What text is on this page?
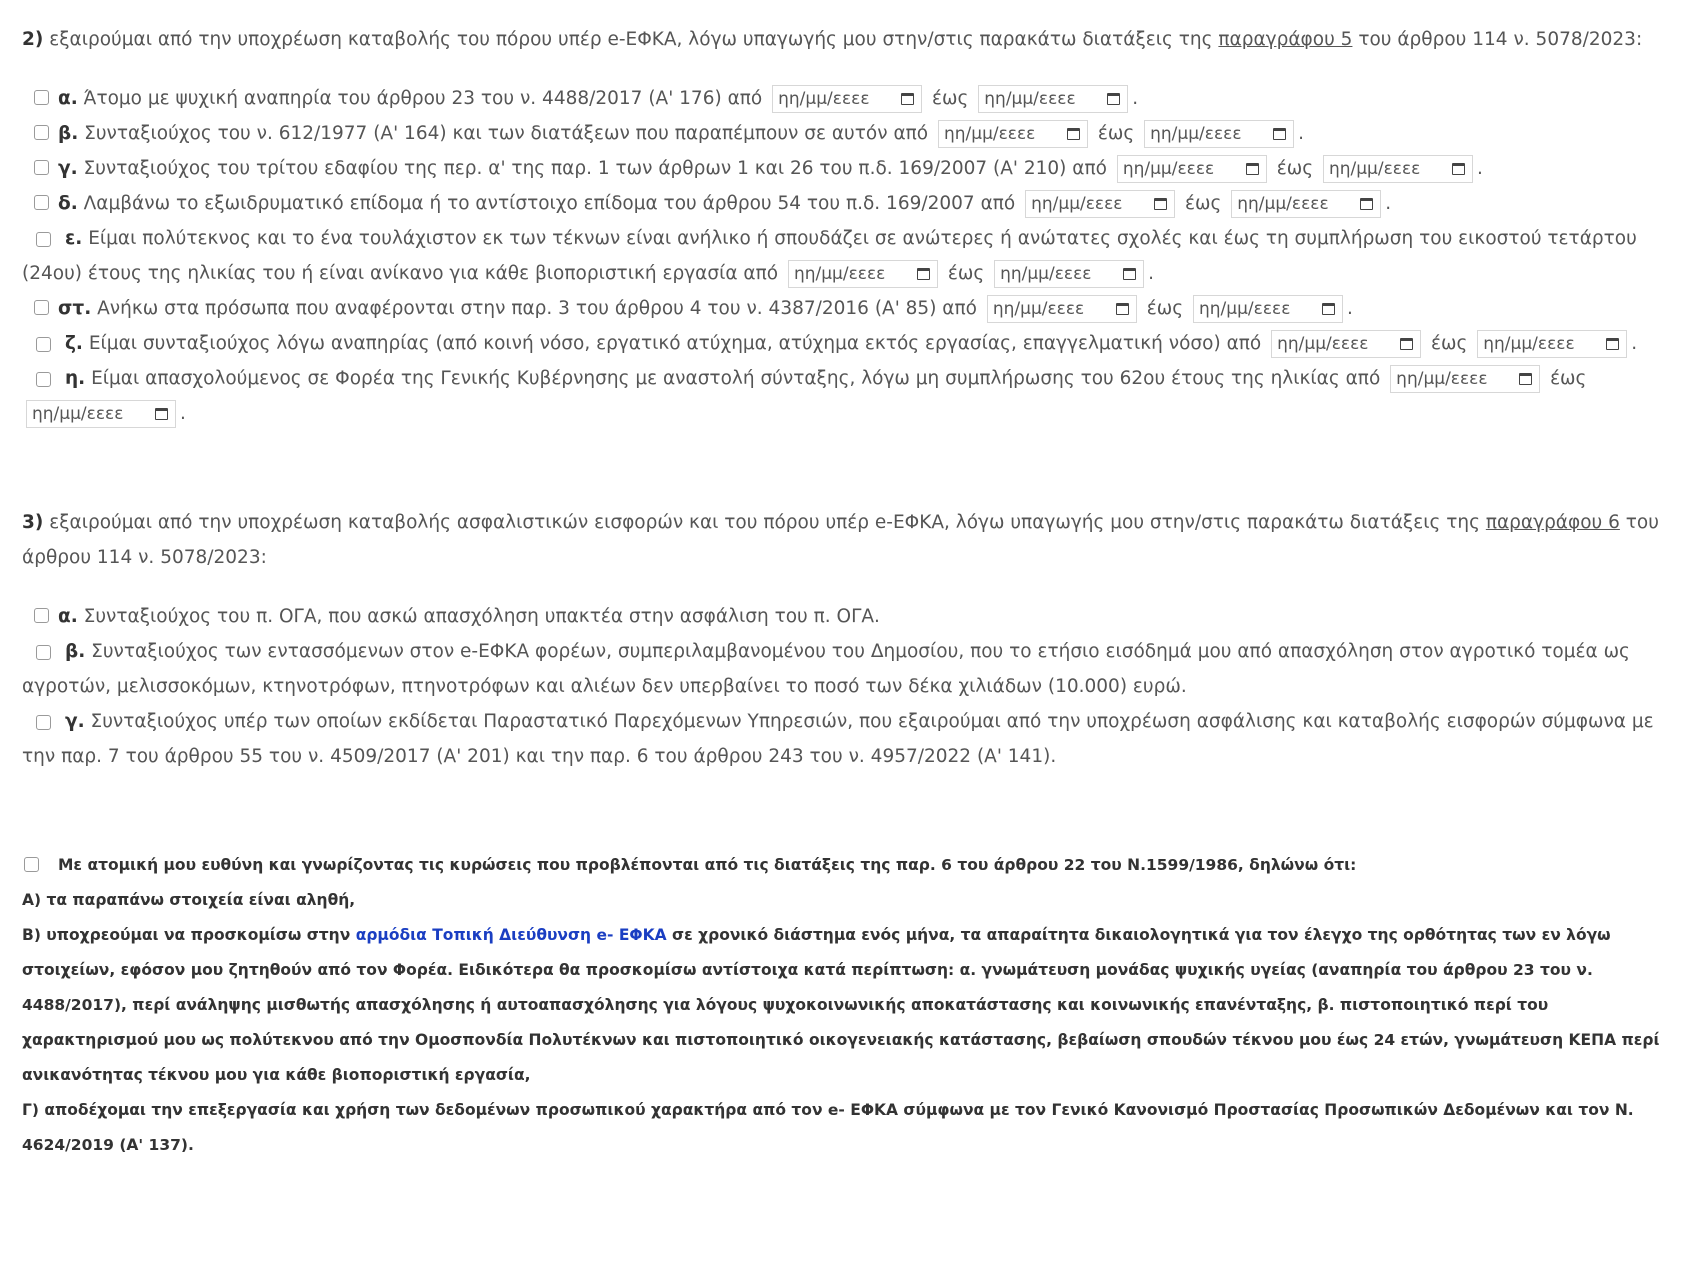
2) εξαιρούμαι από την υποχρέωση καταβολής του πόρου υπέρ e-ΕΦΚΑ, λόγω υπαγωγής μου στην/στις παρακάτω διατάξεις της παραγράφου 5 του άρθρου 114 ν. 5078/2023:

α. Άτομο με ψυχική αναπηρία του άρθρου 23 του ν. 4488/2017 (Α' 176) από ηη/μμ/εεεε	έως ηη/μμ/εεεε	.

β. Συνταξιούχος του ν. 612/1977 (Α' 164) και των διατάξεων που παραπέμπουν σε αυτόν από ηη/μμ/εεεε	έως ηη/μμ/εεεε	.

γ. Συνταξιούχος του τρίτου εδαφίου της περ. α' της παρ. 1 των άρθρων 1 και 26 του π.δ. 169/2007 (Α' 210) από ηη/μμ/εεεε	έως ηη/μμ/εεεε	.

δ. Λαμβάνω το εξωιδρυματικό επίδομα ή το αντίστοιχο επίδομα του άρθρου 54 του π.δ. 169/2007 από ηη/μμ/εεεε	έως ηη/μμ/εεεε	.

ε. Είμαι πολύτεκνος και το ένα τουλάχιστον εκ των τέκνων είναι ανήλικο ή σπουδάζει σε ανώτερες ή ανώτατες σχολές και έως τη συμπλήρωση του εικοστού τετάρτου (24ου) έτους της ηλικίας του ή είναι ανίκανο για κάθε βιοποριστική εργασία από ηη/μμ/εεεε	έως ηη/μμ/εεεε	.

στ. Ανήκω στα πρόσωπα που αναφέρονται στην παρ. 3 του άρθρου 4 του ν. 4387/2016 (Α' 85) από ηη/μμ/εεεε	έως ηη/μμ/εεεε	.

ζ. Είμαι συνταξιούχος λόγω αναπηρίας (από κοινή νόσο, εργατικό ατύχημα, ατύχημα εκτός εργασίας, επαγγελματική νόσο) από ηη/μμ/εεεε	έως ηη/μμ/εεεε	.

η. Είμαι απασχολούμενος σε Φορέα της Γενικής Κυβέρνησης με αναστολή σύνταξης, λόγω μη συμπλήρωσης του 62ου έτους της ηλικίας από ηη/μμ/εεεε	έως ηη/μμ/εεεε	.

3) εξαιρούμαι από την υποχρέωση καταβολής ασφαλιστικών εισφορών και του πόρου υπέρ e-ΕΦΚΑ, λόγω υπαγωγής μου στην/στις παρακάτω διατάξεις της παραγράφου 6 του άρθρου 114 ν. 5078/2023:

α. Συνταξιούχος του π. ΟΓΑ, που ασκώ απασχόληση υπακτέα στην ασφάλιση του π. ΟΓΑ.

β. Συνταξιούχος των εντασσόμενων στον e-ΕΦΚΑ φορέων, συμπεριλαμβανομένου του Δημοσίου, που το ετήσιο εισόδημά μου από απασχόληση στον αγροτικό τομέα ως αγροτών, μελισσοκόμων, κτηνοτρόφων, πτηνοτρόφων και αλιέων δεν υπερβαίνει το ποσό των δέκα χιλιάδων (10.000) ευρώ.

γ. Συνταξιούχος υπέρ των οποίων εκδίδεται Παραστατικό Παρεχόμενων Υπηρεσιών, που εξαιρούμαι από την υποχρέωση ασφάλισης και καταβολής εισφορών σύμφωνα με την παρ. 7 του άρθρου 55 του ν. 4509/2017 (Α' 201) και την παρ. 6 του άρθρου 243 του ν. 4957/2022 (Α' 141).

Με ατομική μου ευθύνη και γνωρίζοντας τις κυρώσεις που προβλέπονται από τις διατάξεις της παρ. 6 του άρθρου 22 του Ν.1599/1986, δηλώνω ότι:

Α) τα παραπάνω στοιχεία είναι αληθή,

Β) υποχρεούμαι να προσκομίσω στην αρμόδια Τοπική Διεύθυνση e- ΕΦΚΑ σε χρονικό διάστημα ενός μήνα, τα απαραίτητα δικαιολογητικά για τον έλεγχο της ορθότητας των εν λόγω στοιχείων, εφόσον μου ζητηθούν από τον Φορέα. Ειδικότερα θα προσκομίσω αντίστοιχα κατά περίπτωση: α. γνωμάτευση μονάδας ψυχικής υγείας (αναπηρία του άρθρου 23 του ν. 4488/2017), περί ανάληψης μισθωτής απασχόλησης ή αυτοαπασχόλησης για λόγους ψυχοκοινωνικής αποκατάστασης και κοινωνικής επανένταξης, β. πιστοποιητικό περί του χαρακτηρισμού μου ως πολύτεκνου από την Ομοσπονδία Πολυτέκνων και πιστοποιητικό οικογενειακής κατάστασης, βεβαίωση σπουδών τέκνου μου έως 24 ετών, γνωμάτευση ΚΕΠΑ περί ανικανότητας τέκνου μου για κάθε βιοποριστική εργασία,

Γ) αποδέχομαι την επεξεργασία και χρήση των δεδομένων προσωπικού χαρακτήρα από τον e- ΕΦΚΑ σύμφωνα με τον Γενικό Κανονισμό Προστασίας Προσωπικών Δεδομένων και τον Ν. 4624/2019 (Α' 137).
